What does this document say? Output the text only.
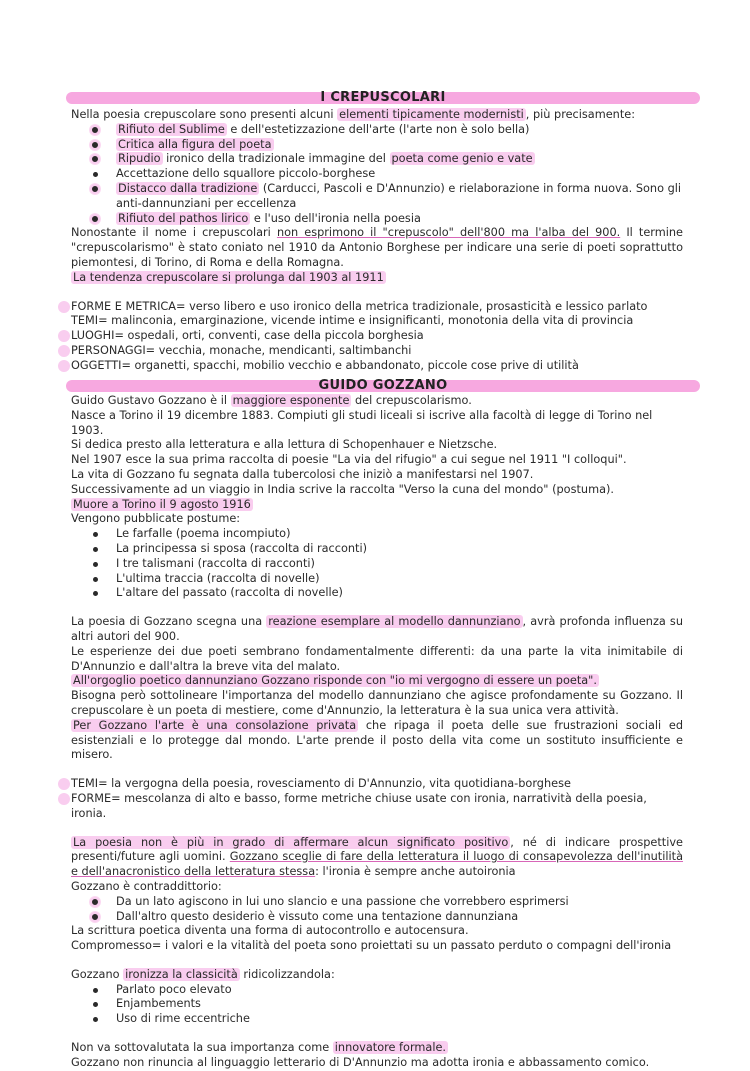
I CREPUSCOLARI

Nella poesia crepuscolare sono presenti alcuni elementi tipicamente modernisti , più precisamente:

Rifiuto del Sublime e dell'estetizzazione dell'arte (l'arte non è solo bella)
Critica alla figura del poeta
Ripudio ironico della tradizionale immagine del poeta come genio e vate
Accettazione dello squallore piccolo-borghese
Distacco dalla tradizione (Carducci, Pascoli e D'Annunzio) e rielaborazione in forma nuova. Sono gli anti-dannunziani per eccellenza
Rifiuto del pathos lirico e l'uso dell'ironia nella poesia

Nonostante il nome i crepuscolari non esprimono il "crepuscolo" dell'800 ma l'alba del 900. Il termine "crepuscolarismo" è stato coniato nel 1910 da Antonio Borghese per indicare una serie di poeti soprattutto piemontesi, di Torino, di Roma e della Romagna.

La tendenza crepuscolare si prolunga dal 1903 al 1911

FORME E METRICA= verso libero e uso ironico della metrica tradizionale, prosasticità e lessico parlato

TEMI= malinconia, emarginazione, vicende intime e insignificanti, monotonia della vita di provincia

LUOGHI= ospedali, orti, conventi, case della piccola borghesia

PERSONAGGI= vecchia, monache, mendicanti, saltimbanchi

OGGETTI= organetti, spacchi, mobilio vecchio e abbandonato, piccole cose prive di utilità

GUIDO GOZZANO

Guido Gustavo Gozzano è il maggiore esponente del crepuscolarismo.

Nasce a Torino il 19 dicembre 1883. Compiuti gli studi liceali si iscrive alla facoltà di legge di Torino nel 1903.

Si dedica presto alla letteratura e alla lettura di Schopenhauer e Nietzsche.

Nel 1907 esce la sua prima raccolta di poesie "La via del rifugio" a cui segue nel 1911 "I colloqui".

La vita di Gozzano fu segnata dalla tubercolosi che iniziò a manifestarsi nel 1907.

Successivamente ad un viaggio in India scrive la raccolta "Verso la cuna del mondo" (postuma).

Muore a Torino il 9 agosto 1916

Vengono pubblicate postume:

Le farfalle (poema incompiuto)
La principessa si sposa (raccolta di racconti)
I tre talismani (raccolta di racconti)
L'ultima traccia (raccolta di novelle)
L'altare del passato (raccolta di novelle)

La poesia di Gozzano scegna una reazione esemplare al modello dannunziano , avrà profonda influenza su altri autori del 900.

Le esperienze dei due poeti sembrano fondamentalmente differenti: da una parte la vita inimitabile di D'Annunzio e dall'altra la breve vita del malato.

All'orgoglio poetico dannunziano Gozzano risponde con "io mi vergogno di essere un poeta".

Bisogna però sottolineare l'importanza del modello dannunziano che agisce profondamente su Gozzano. Il crepuscolare è un poeta di mestiere, come d'Annunzio, la letteratura è la sua unica vera attività.

Per Gozzano l'arte è una consolazione privata che ripaga il poeta delle sue frustrazioni sociali ed esistenziali e lo protegge dal mondo. L'arte prende il posto della vita come un sostituto insufficiente e misero.

TEMI= la vergogna della poesia, rovesciamento di D'Annunzio, vita quotidiana-borghese

FORME= mescolanza di alto e basso, forme metriche chiuse usate con ironia, narratività della poesia, ironia.

La poesia non è più in grado di affermare alcun significato positivo , né di indicare prospettive presenti/future agli uomini. Gozzano sceglie di fare della letteratura il luogo di consapevolezza dell'inutilità e dell'anacronistico della letteratura stessa: l'ironia è sempre anche autoironia

Gozzano è contraddittorio:

Da un lato agiscono in lui uno slancio e una passione che vorrebbero esprimersi
Dall'altro questo desiderio è vissuto come una tentazione dannunziana

La scrittura poetica diventa una forma di autocontrollo e autocensura.

Compromesso= i valori e la vitalità del poeta sono proiettati su un passato perduto o compagni dell'ironia

Gozzano ironizza la classicità ridicolizzandola:

Parlato poco elevato
Enjambements
Uso di rime eccentriche

Non va sottovalutata la sua importanza come innovatore formale.

Gozzano non rinuncia al linguaggio letterario di D'Annunzio ma adotta ironia e abbassamento comico.
